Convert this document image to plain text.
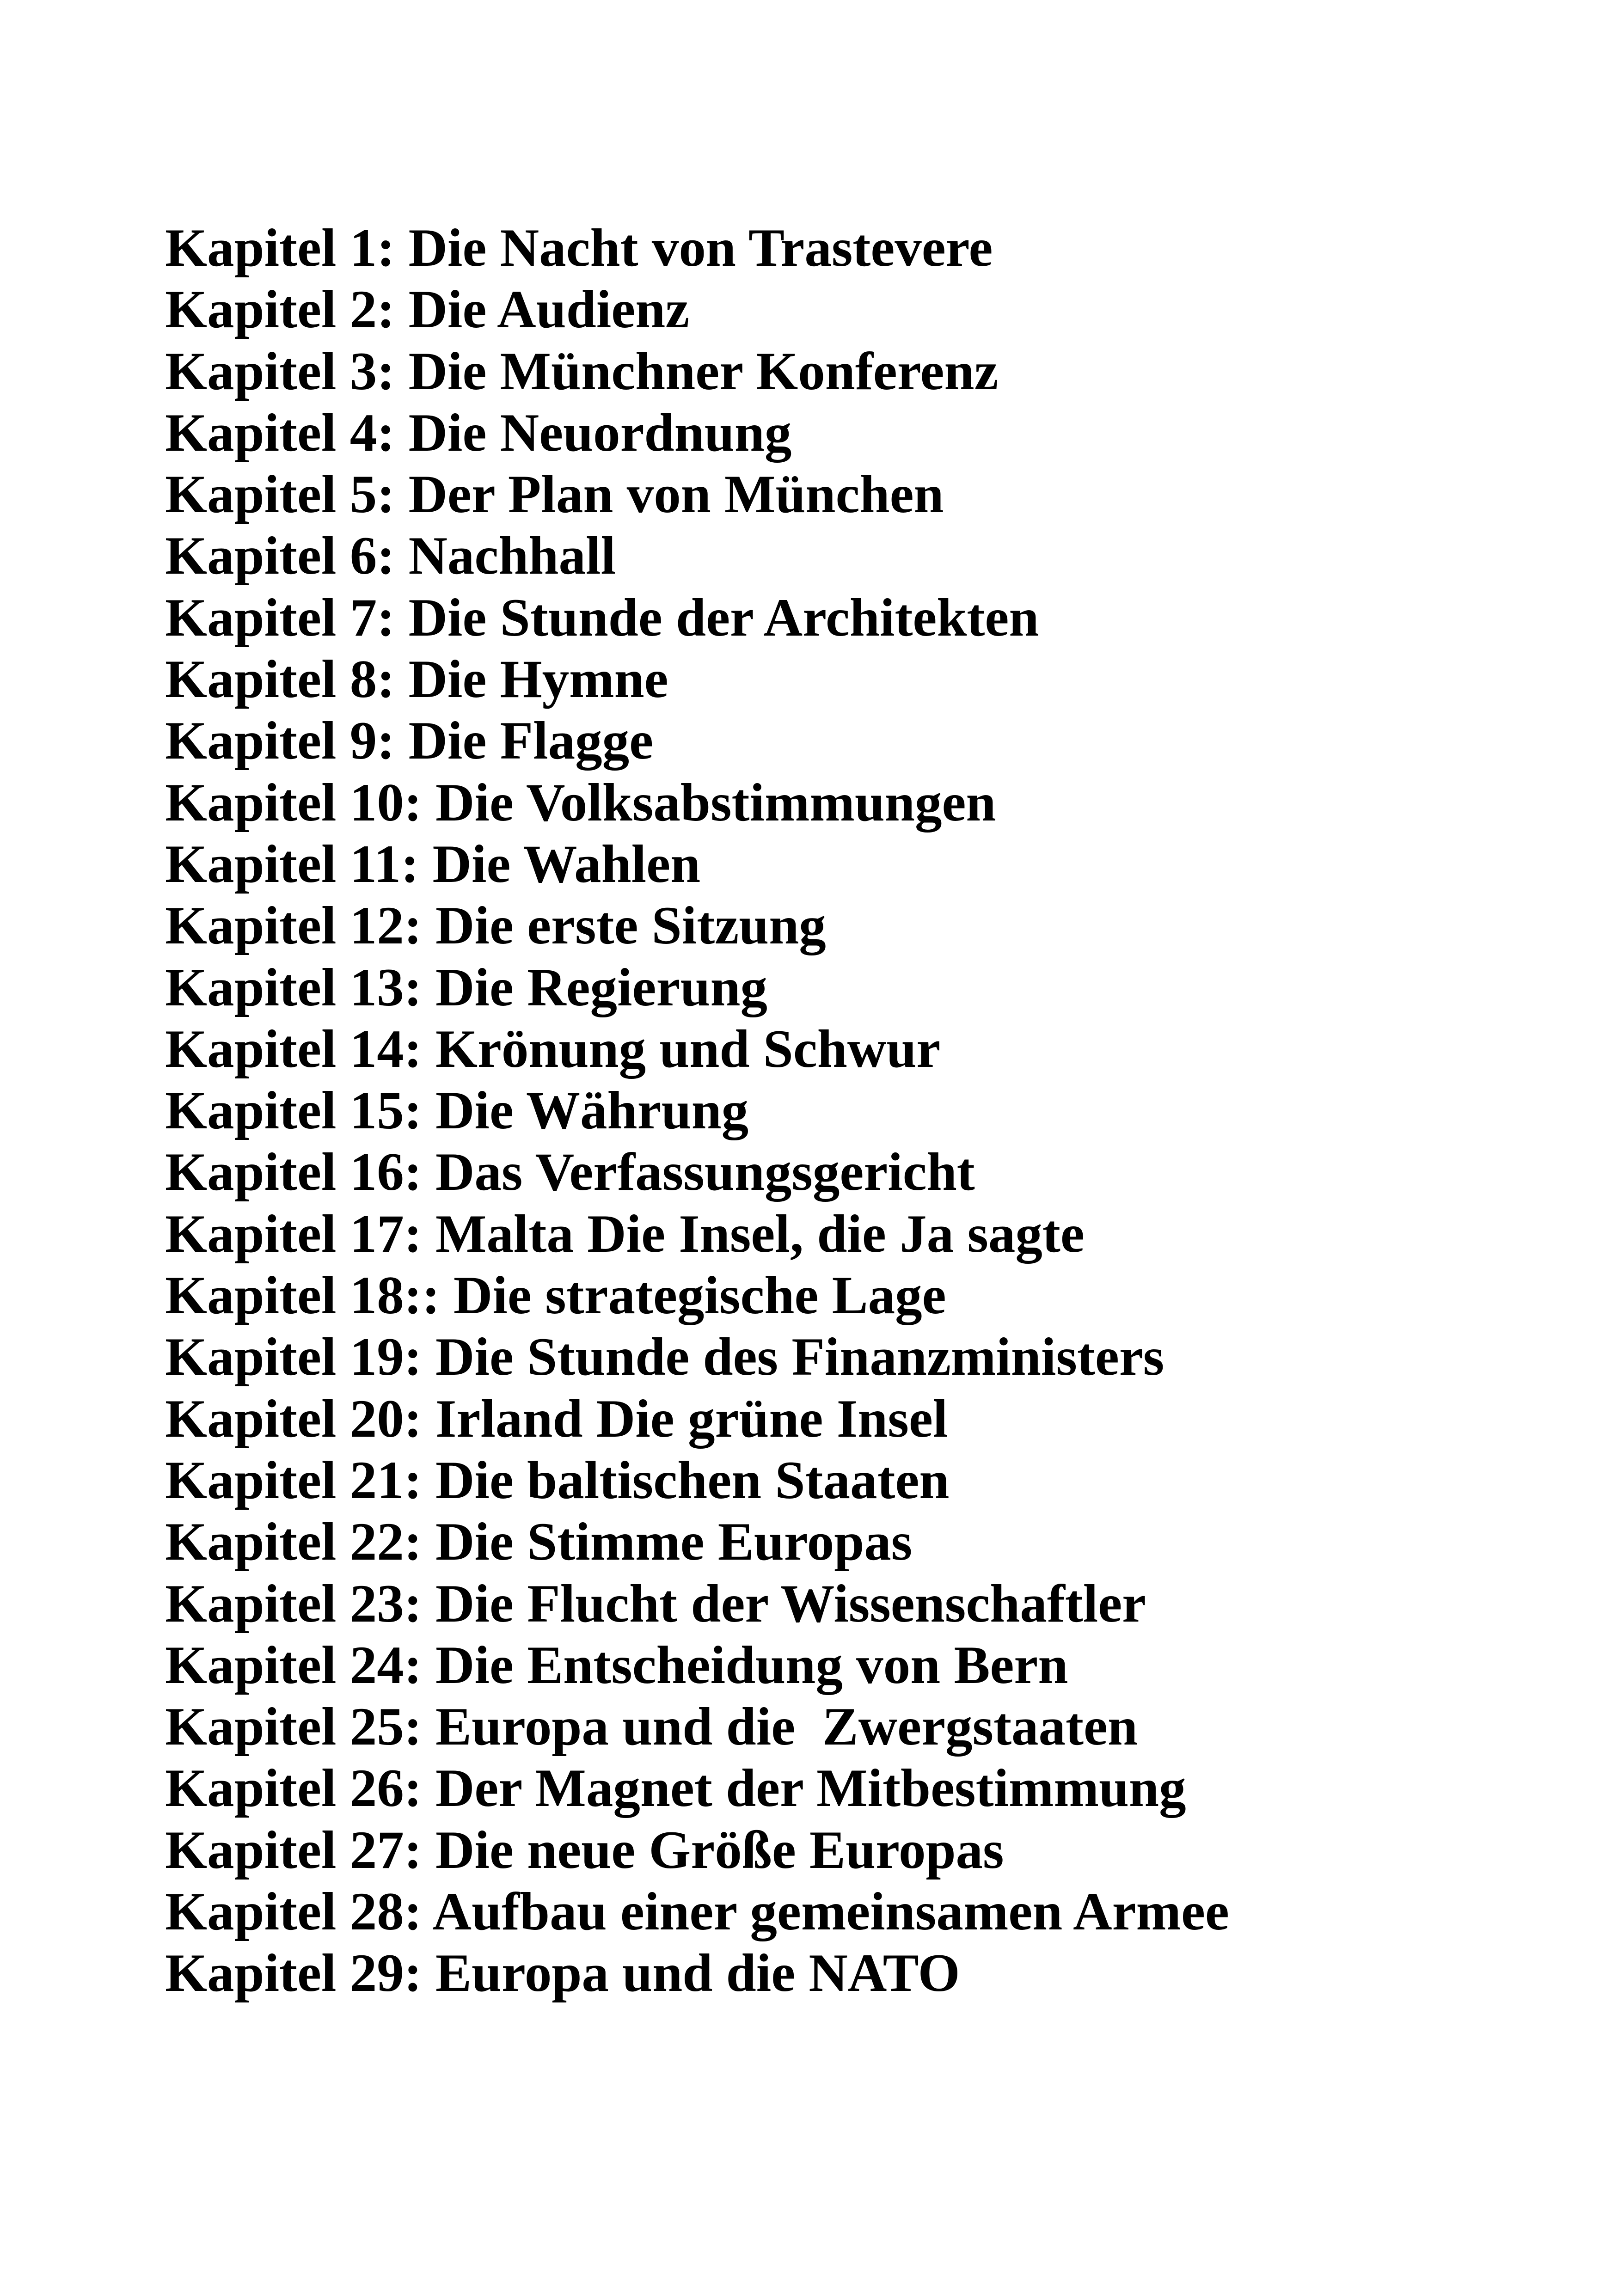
Kapitel 1: Die Nacht von Trastevere
Kapitel 2: Die Audienz
Kapitel 3: Die Münchner Konferenz
Kapitel 4: Die Neuordnung
Kapitel 5: Der Plan von München
Kapitel 6: Nachhall
Kapitel 7: Die Stunde der Architekten
Kapitel 8: Die Hymne
Kapitel 9: Die Flagge
Kapitel 10: Die Volksabstimmungen
Kapitel 11: Die Wahlen
Kapitel 12: Die erste Sitzung
Kapitel 13: Die Regierung
Kapitel 14: Krönung und Schwur
Kapitel 15: Die Währung
Kapitel 16: Das Verfassungsgericht
Kapitel 17: Malta Die Insel, die Ja sagte
Kapitel 18:: Die strategische Lage
Kapitel 19: Die Stunde des Finanzministers
Kapitel 20: Irland Die grüne Insel
Kapitel 21: Die baltischen Staaten
Kapitel 22: Die Stimme Europas
Kapitel 23: Die Flucht der Wissenschaftler
Kapitel 24: Die Entscheidung von Bern
Kapitel 25: Europa und die  Zwergstaaten
Kapitel 26: Der Magnet der Mitbestimmung
Kapitel 27: Die neue Größe Europas
Kapitel 28: Aufbau einer gemeinsamen Armee
Kapitel 29: Europa und die NATO
